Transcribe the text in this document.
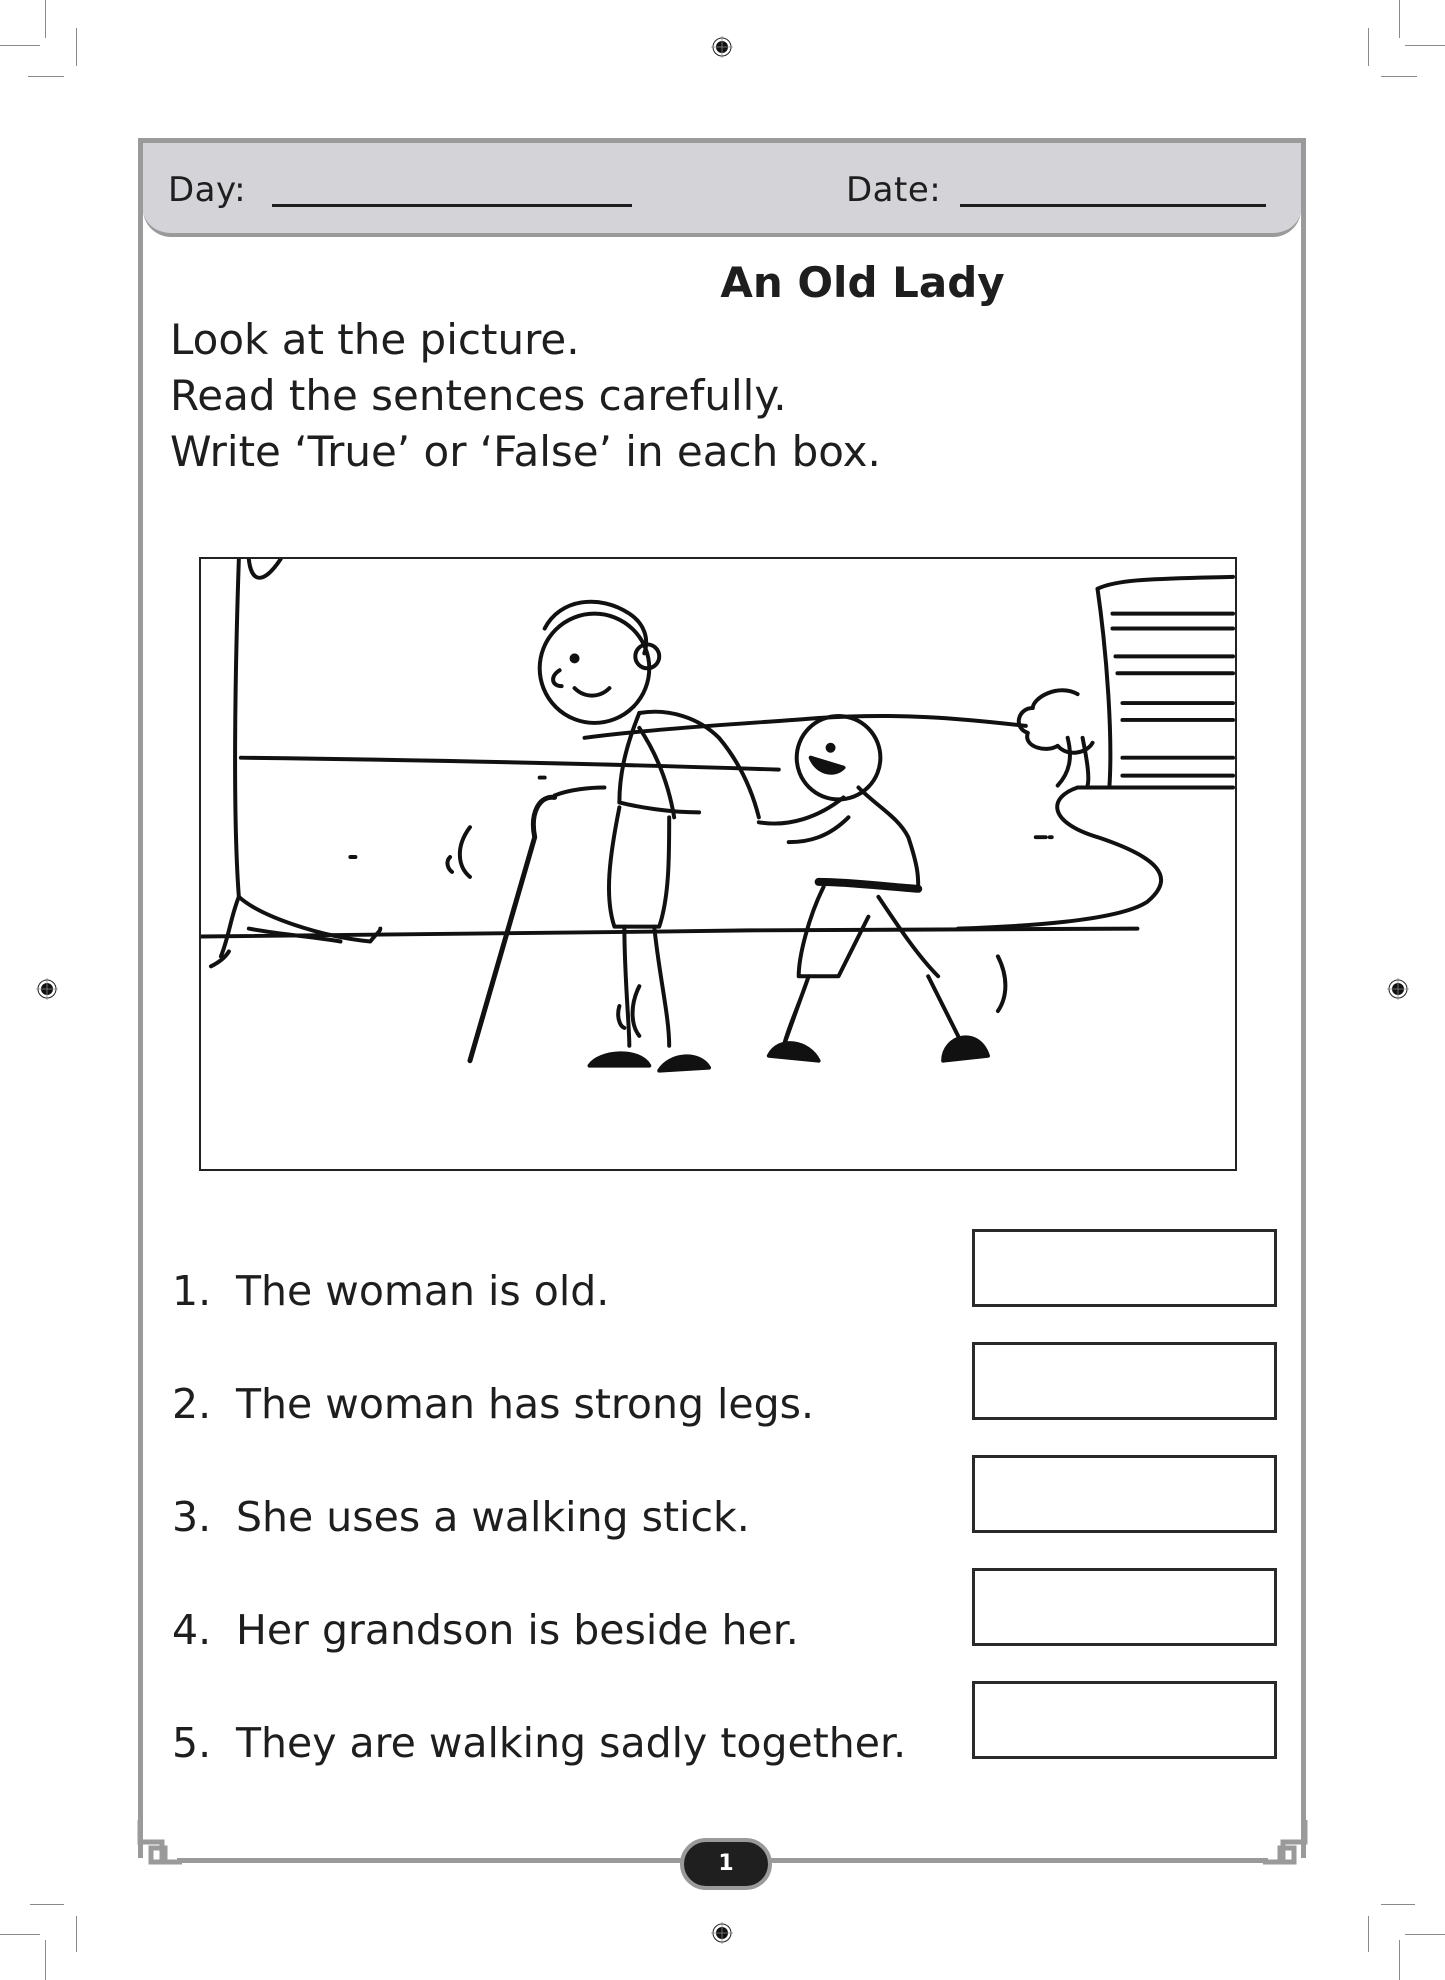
Day:	Date:
An Old Lady
Look at the picture.
Read the sentences carefully.
Write ‘True’ or ‘False’ in each box.
1. The woman is old.
2. The woman has strong legs.
3. She uses a walking stick.
4. Her grandson is beside her.
5. They are walking sadly together.
1
